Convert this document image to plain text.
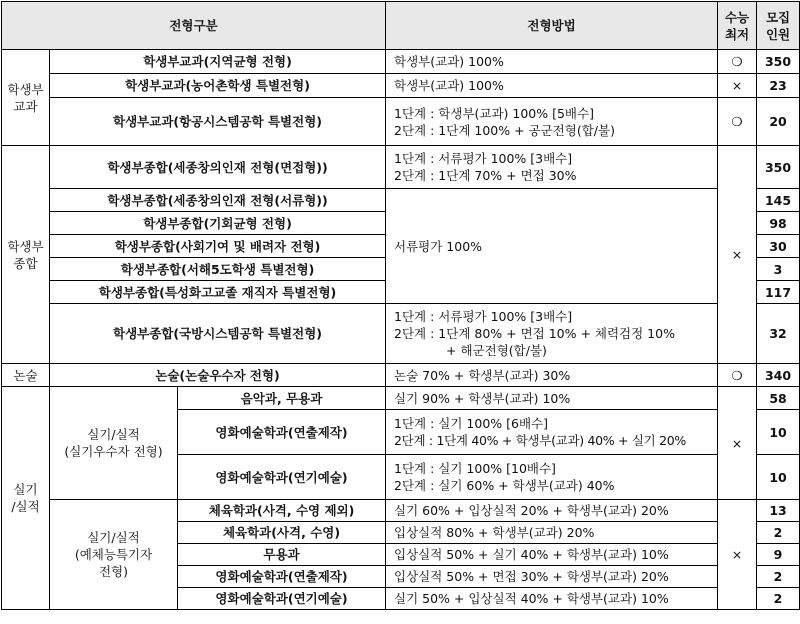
전형구분			전형방법	수능
최저	모집
인원

학생부
교과	학생부교과(지역균형 전형)		학생부(교과) 100%	❍	350
	학생부교과(농어촌학생 특별전형)		학생부(교과) 100%	×	23
	학생부교과(항공시스템공학 특별전형)		1단계 : 학생부(교과) 100% [5배수]
2단계 : 1단계 100% + 공군전형(합/불)	❍	20

학생부
종합	학생부종합(세종창의인재 전형(면접형))		1단계 : 서류평가 100% [3배수]
2단계 : 1단계 70% + 면접 30%	×	350
	학생부종합(세종창의인재 전형(서류형))		서류평가 100%		145
	학생부종합(기회균형 전형)				98
	학생부종합(사회기여 및 배려자 전형)				30
	학생부종합(서해5도학생 특별전형)				3
	학생부종합(특성화고교졸 재직자 특별전형)				117
	학생부종합(국방시스템공학 특별전형)		1단계 : 서류평가 100% [3배수]
2단계 : 1단계 80% + 면접 10% + 체력검정 10%
+ 해군전형(합/불)		32
논술	논술(논술우수자 전형)		논술 70% + 학생부(교과) 30%	❍	340

실기
/실적	실기/실적
(실기우수자 전형)	음악과, 무용과	실기 90% + 학생부(교과) 10%	×	58
		영화예술학과(연출제작)	1단계 : 실기 100% [6배수]
2단계 : 1단계 40% + 학생부(교과) 40% + 실기 20%		10
		영화예술학과(연기예술)	1단계 : 실기 100% [10배수]
2단계 : 실기 60% + 학생부(교과) 40%		10

	실기/실적
(예체능특기자
전형)	체육학과(사격, 수영 제외)	실기 60% + 입상실적 20% + 학생부(교과) 20%	×	13
		체육학과(사격, 수영)	입상실적 80% + 학생부(교과) 20%		2
		무용과	입상실적 50% + 실기 40% + 학생부(교과) 10%		9
		영화예술학과(연출제작)	입상실적 50% + 면접 30% + 학생부(교과) 20%		2
		영화예술학과(연기예술)	실기 50% + 입상실적 40% + 학생부(교과) 10%		2
